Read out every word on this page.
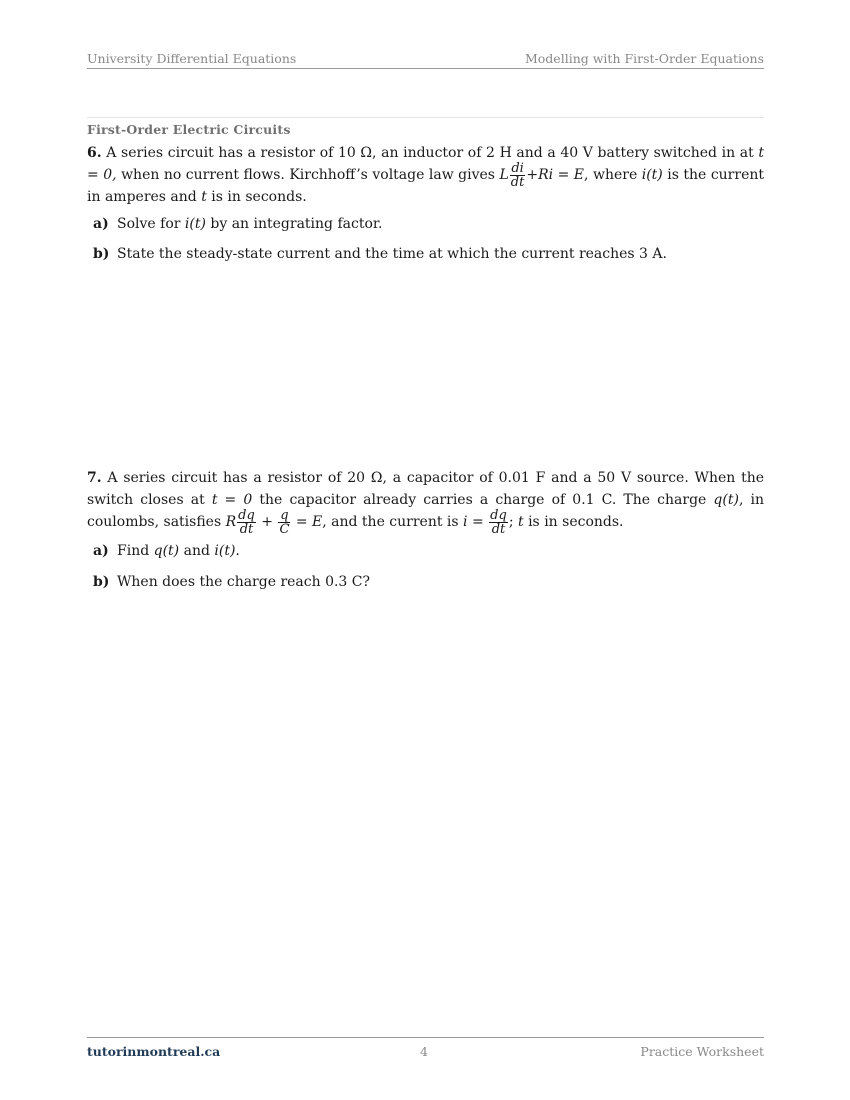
University Differential Equations	Modelling with First-Order Equations
First-Order Electric Circuits
6. A series circuit has a resistor of 10 Ω, an inductor of 2 H and a 40 V battery switched in at t = 0, when no current flows. Kirchhoff’s voltage law gives L $\frac{di}{dt} +Ri = E$, where i(t) is the current in amperes and t is in seconds.
a) Solve for i(t) by an integrating factor.
b) State the steady-state current and the time at which the current reaches 3 A.
7. A series circuit has a resistor of 20 Ω, a capacitor of 0.01 F and a 50 V source. When the switch closes at t = 0 the capacitor already carries a charge of 0.1 C. The charge q(t), in coulombs, satisfies R $\frac{dq}{dt} + \frac{q}{C} = E$, and the current is $i = \frac{dq}{dt}$ ; t is in seconds.
a) Find q(t) and i(t).
b) When does the charge reach 0.3 C?
tutorinmontreal.ca	4	Practice Worksheet
